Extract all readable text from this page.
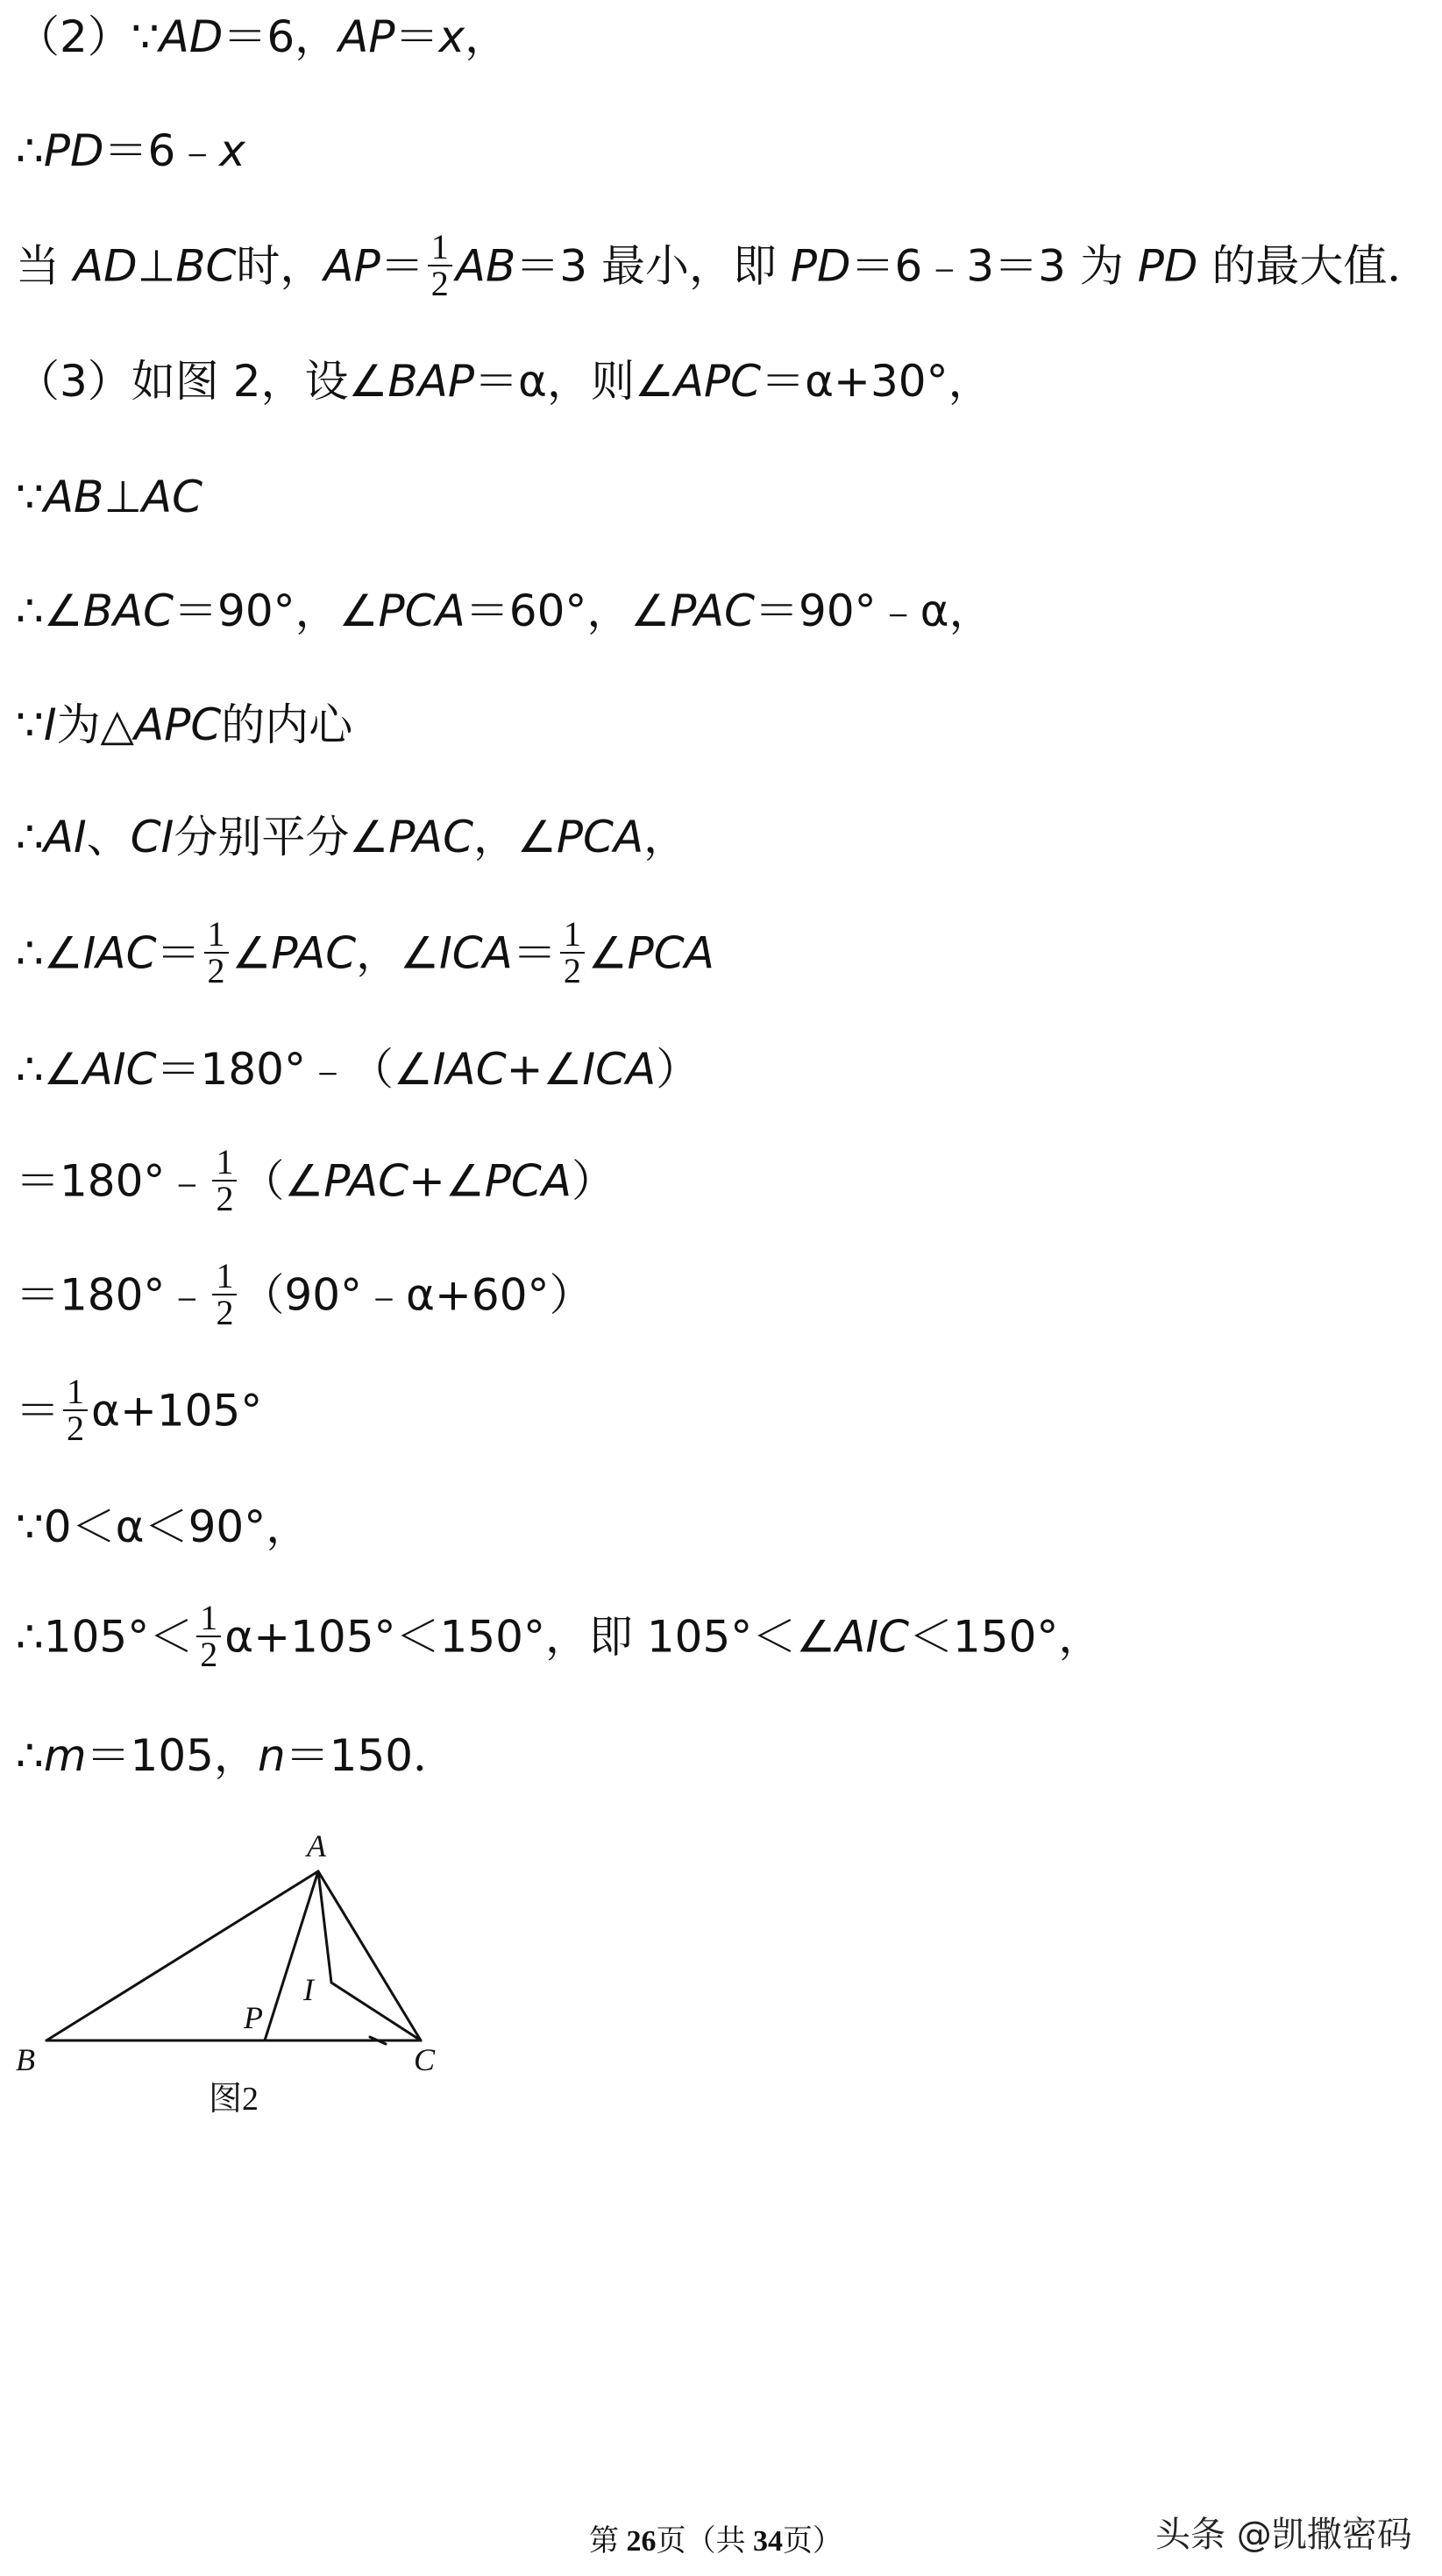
（2）∵AD＝6，AP＝x，
∴PD＝6﹣x
当 AD⊥BC时，$AP= \frac{1}{2} AB=3$ 最小，即 PD＝6﹣3＝3 为 PD 的最大值．
（3）如图 2，设∠BAP＝α，则∠APC＝α+30°，
∵AB⊥AC
∴∠BAC＝90°，∠PCA＝60°，∠PAC＝90°﹣α，
∵I为△APC的内心
∴AI、CI分别平分∠PAC，∠PCA，
∴∠IAC＝ $\frac{1}{2}$ ∠PAC，∠ICA＝ $\frac{1}{2}$ ∠PCA
∴∠AIC＝180°﹣（∠IAC+∠ICA）
＝180°﹣ $\frac{1}{2}$ （∠PAC+∠PCA）
＝180°﹣ $\frac{1}{2}$ （90°﹣α+60°）
＝ $\frac{1}{2} \alpha+105^\circ$
∵0＜α＜90°，
∴105°＜ $\frac{1}{2} \alpha+105^\circ<150^\circ$，即 105°＜∠AIC＜150°，
∴m＝105，n＝150．
A
B	C
P
I
图2
第 26页（共 34页）	头条 @凯撒密码
